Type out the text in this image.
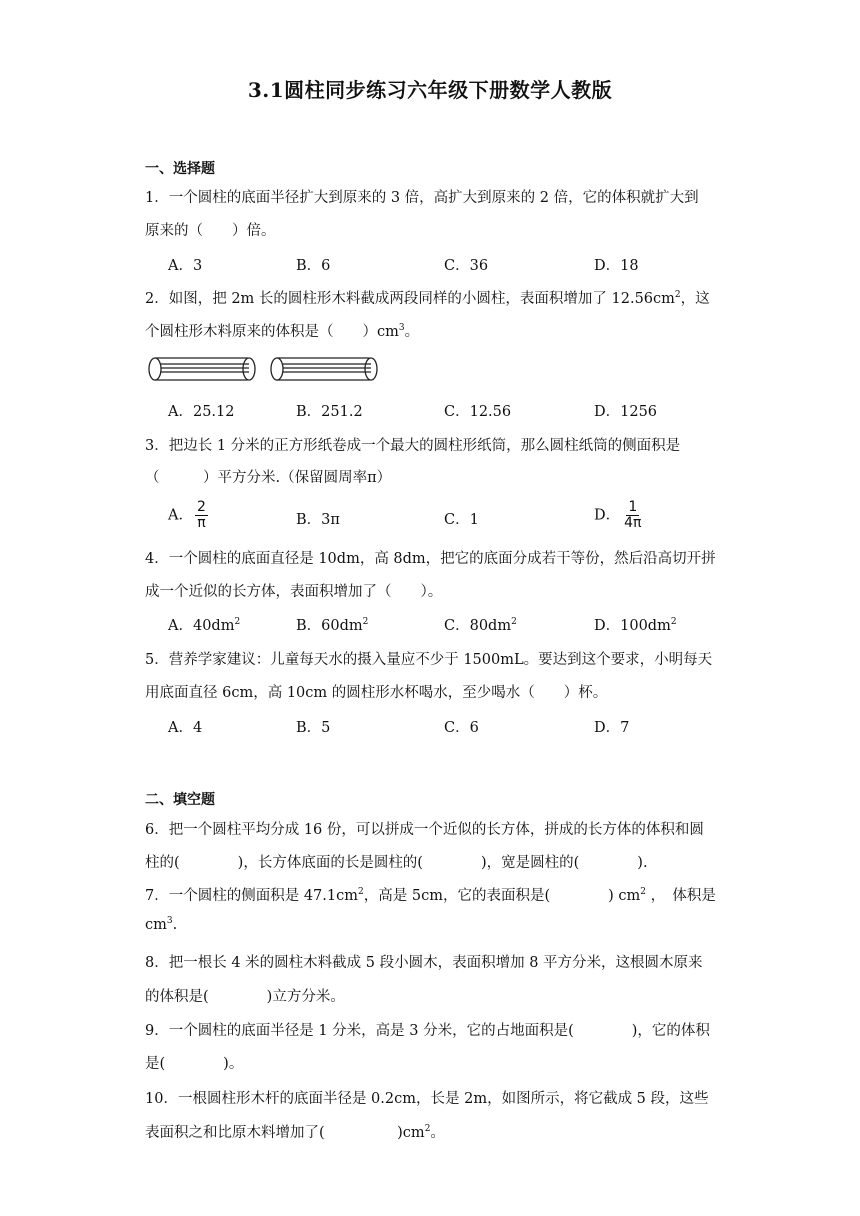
3.1圆柱同步练习六年级下册数学人教版
一、选择题
1．一个圆柱的底面半径扩大到原来的 3 倍，高扩大到原来的 2 倍，它的体积就扩大到
原来的（　　）倍。
A．3	B．6	C．36	D．18
2．如图，把 2m 长的圆柱形木料截成两段同样的小圆柱，表面积增加了 $12.56cm^2$，这
个圆柱形木料原来的体积是（　　）$cm^3$。
A．25.12	B．251.2	C．12.56	D．1256
3．把边长 1 分米的正方形纸卷成一个最大的圆柱形纸筒，那么圆柱纸筒的侧面积是
（　　　）平方分米.（保留圆周率π）
A． $\frac{2}{\pi}$	B．3π	C．1	D． $\frac{1}{4\pi}$
4．一个圆柱的底面直径是 10dm，高 8dm，把它的底面分成若干等份，然后沿高切开拼
成一个近似的长方体，表面积增加了（　　）。
A．$40dm^2$	B．$60dm^2$	C．$80dm^2$	D．$100dm^2$
5．营养学家建议：儿童每天水的摄入量应不少于 1500mL。要达到这个要求，小明每天
用底面直径 6cm，高 10cm 的圆柱形水杯喝水，至少喝水（　　）杯。
A．4	B．5	C．6	D．7
二、填空题
6．把一个圆柱平均分成 16 份，可以拼成一个近似的长方体，拼成的长方体的体积和圆
柱的(　　　　)，长方体底面的长是圆柱的(　　　　)，宽是圆柱的(　　　　).
7．一个圆柱的侧面积是 $47.1cm^2$，高是 5cm，它的表面积是(　　　　) $cm^2$ ，　体积是
$cm^3$.
8．把一根长 4 米的圆柱木料截成 5 段小圆木，表面积增加 8 平方分米，这根圆木原来
的体积是(　　　　)立方分米。
9．一个圆柱的底面半径是 1 分米，高是 3 分米，它的占地面积是(　　　　)，它的体积
是(　　　　)。
10．一根圆柱形木杆的底面半径是 0.2cm，长是 2m，如图所示，将它截成 5 段，这些
表面积之和比原木料增加了(　　　　　)$cm^2$。
